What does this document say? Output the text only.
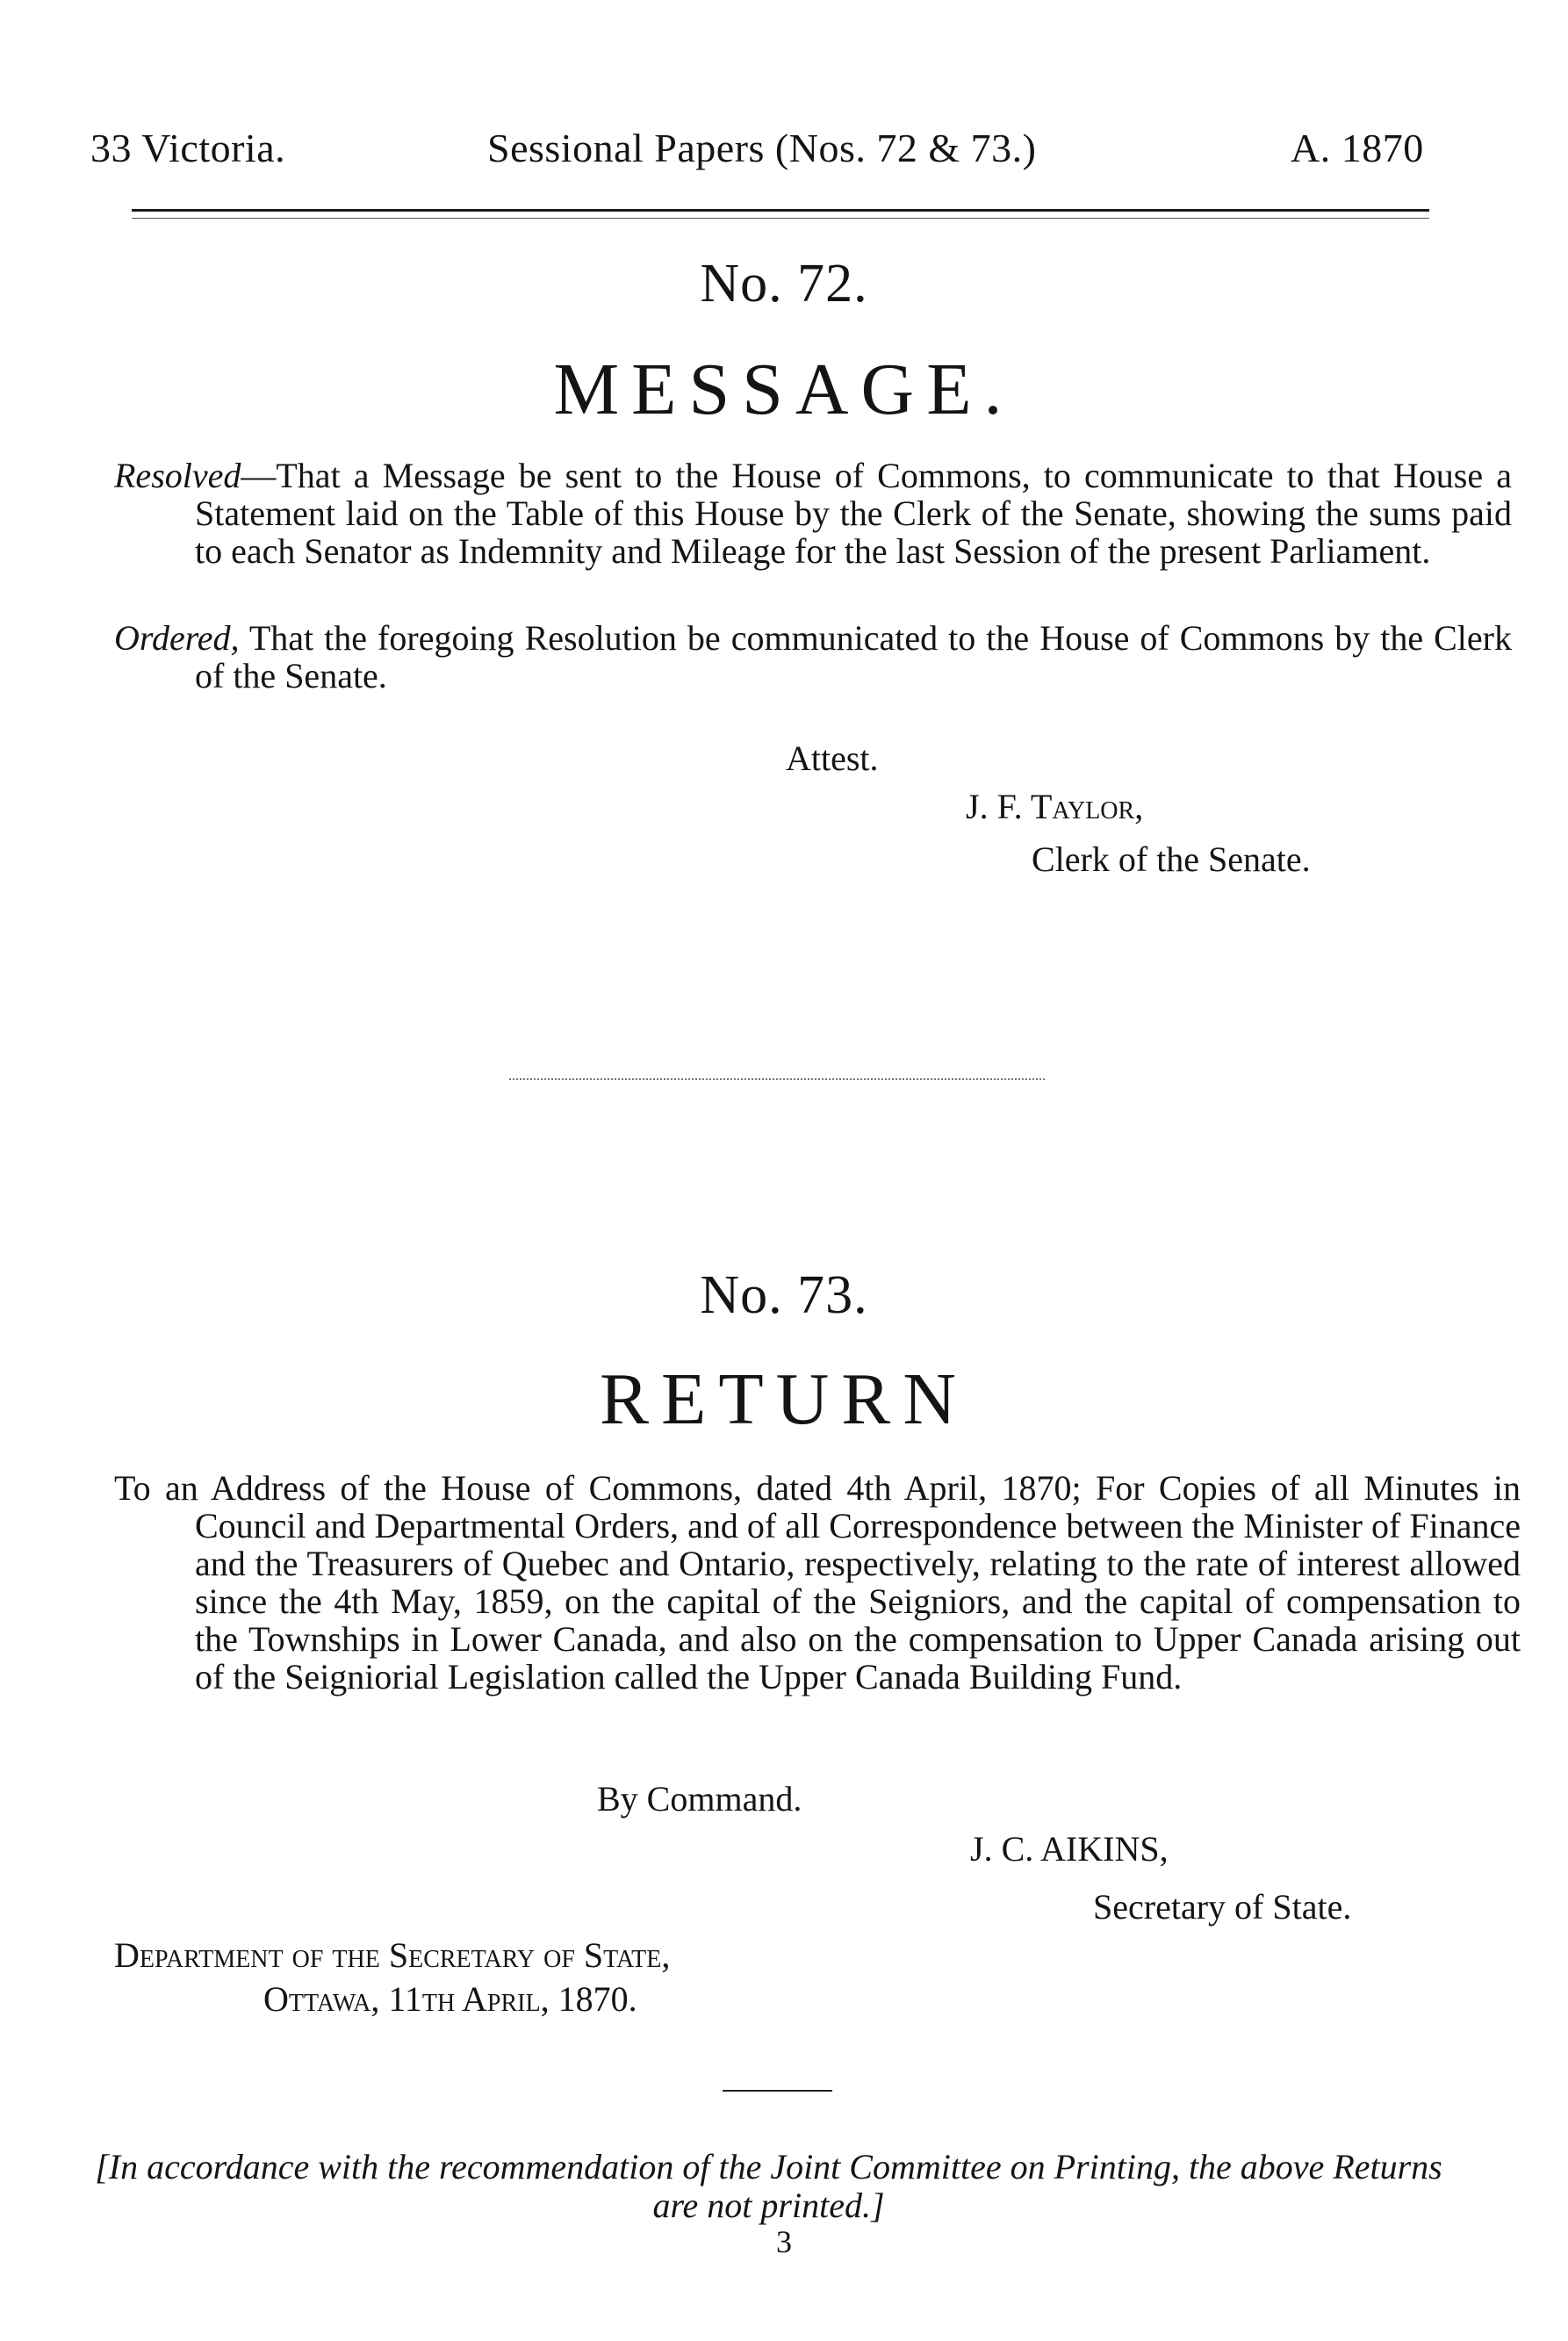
33 Victoria.	Sessional Papers (Nos. 72 & 73.)	A. 1870
No. 72.
MESSAGE.
Resolved—That a Message be sent to the House of Commons, to communicate to that House a Statement laid on the Table of this House by the Clerk of the Senate, showing the sums paid to each Senator as Indemnity and Mileage for the last Session of the present Parliament.
Ordered, That the foregoing Resolution be communicated to the House of Commons by the Clerk of the Senate.
Attest.
J. F. Taylor,
Clerk of the Senate.
No. 73.
RETURN
To an Address of the House of Commons, dated 4th April, 1870; For Copies of all Minutes in Council and Departmental Orders, and of all Correspondence between the Minister of Finance and the Treasurers of Quebec and Ontario, respectively, relating to the rate of interest allowed since the 4th May, 1859, on the capital of the Seigniors, and the capital of compensation to the Townships in Lower Canada, and also on the compensation to Upper Canada arising out of the Seigniorial Legislation called the Upper Canada Building Fund.
By Command.
J. C. AIKINS,
Secretary of State.
Department of the Secretary of State,
Ottawa, 11th April, 1870.
[In accordance with the recommendation of the Joint Committee on Printing, the above Returns are not printed.]
3
